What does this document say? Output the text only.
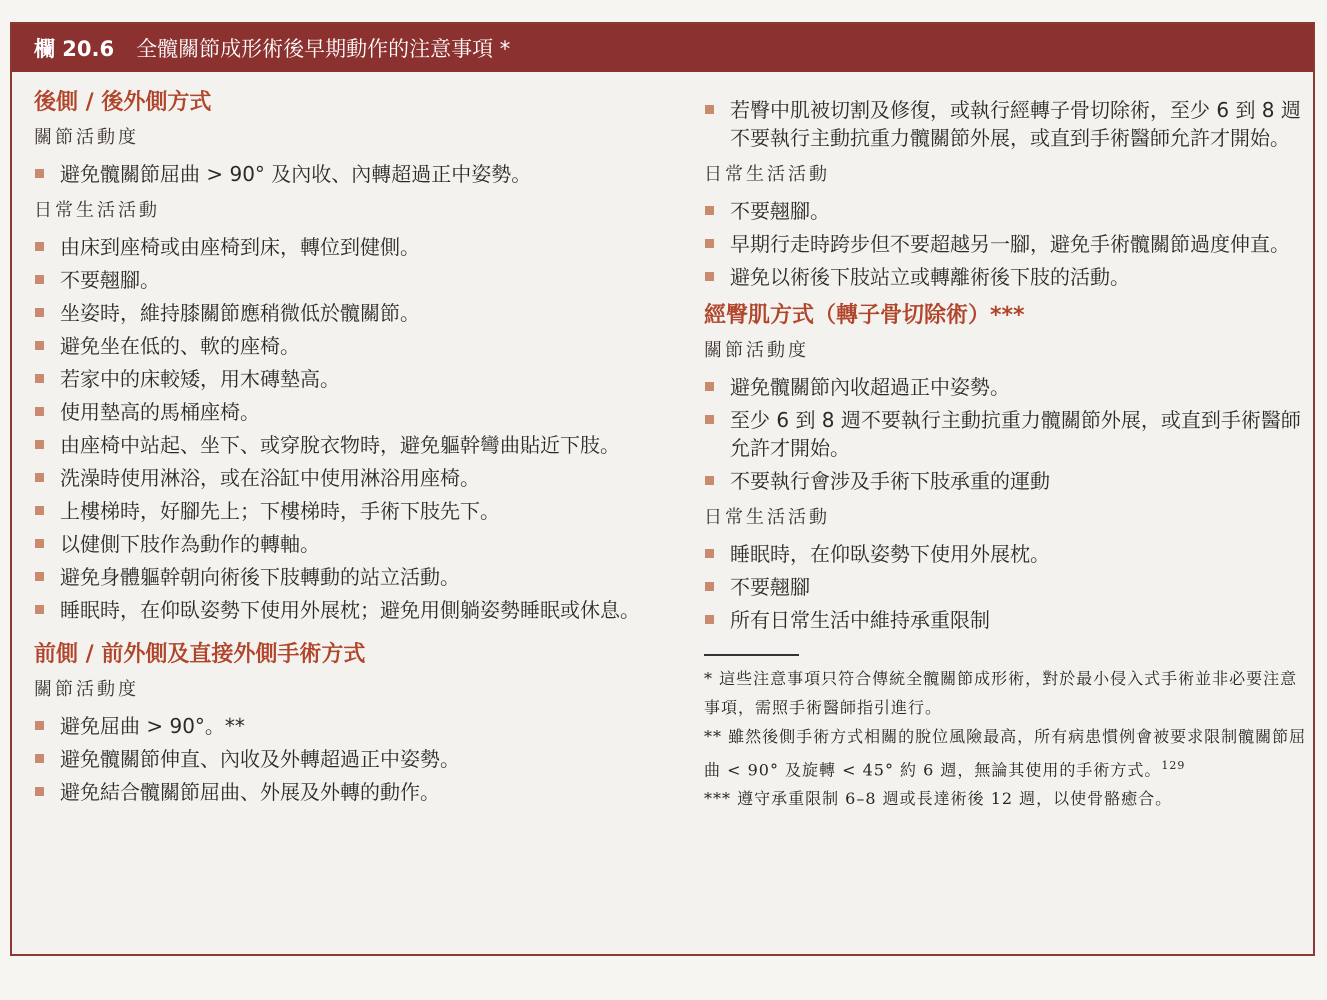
欄 20.6 全髖關節成形術後早期動作的注意事項 *
後側 / 後外側方式
關節活動度
避免髖關節屈曲 > 90° 及內收、內轉超過正中姿勢。
日常生活活動
由床到座椅或由座椅到床，轉位到健側。
不要翹腳。
坐姿時，維持膝關節應稍微低於髖關節。
避免坐在低的、軟的座椅。
若家中的床較矮，用木磚墊高。
使用墊高的馬桶座椅。
由座椅中站起、坐下、或穿脫衣物時，避免軀幹彎曲貼近下肢。
洗澡時使用淋浴，或在浴缸中使用淋浴用座椅。
上樓梯時，好腳先上；下樓梯時，手術下肢先下。
以健側下肢作為動作的轉軸。
避免身體軀幹朝向術後下肢轉動的站立活動。
睡眠時，在仰臥姿勢下使用外展枕；避免用側躺姿勢睡眠或休息。
前側 / 前外側及直接外側手術方式
關節活動度
避免屈曲 > 90°。**
避免髖關節伸直、內收及外轉超過正中姿勢。
避免結合髖關節屈曲、外展及外轉的動作。
若臀中肌被切割及修復，或執行經轉子骨切除術，至少 6 到 8 週不要執行主動抗重力髖關節外展，或直到手術醫師允許才開始。
日常生活活動
不要翹腳。
早期行走時跨步但不要超越另一腳，避免手術髖關節過度伸直。
避免以術後下肢站立或轉離術後下肢的活動。
經臀肌方式（轉子骨切除術）***
關節活動度
避免髖關節內收超過正中姿勢。
至少 6 到 8 週不要執行主動抗重力髖關節外展，或直到手術醫師允許才開始。
不要執行會涉及手術下肢承重的運動
日常生活活動
睡眠時，在仰臥姿勢下使用外展枕。
不要翹腳
所有日常生活中維持承重限制
* 這些注意事項只符合傳統全髖關節成形術，對於最小侵入式手術並非必要注意事項，需照手術醫師指引進行。
** 雖然後側手術方式相關的脫位風險最高，所有病患慣例會被要求限制髖關節屈曲 < 90° 及旋轉 < 45° 約 6 週，無論其使用的手術方式。$^{129}$
*** 遵守承重限制 6–8 週或長達術後 12 週，以使骨骼癒合。
